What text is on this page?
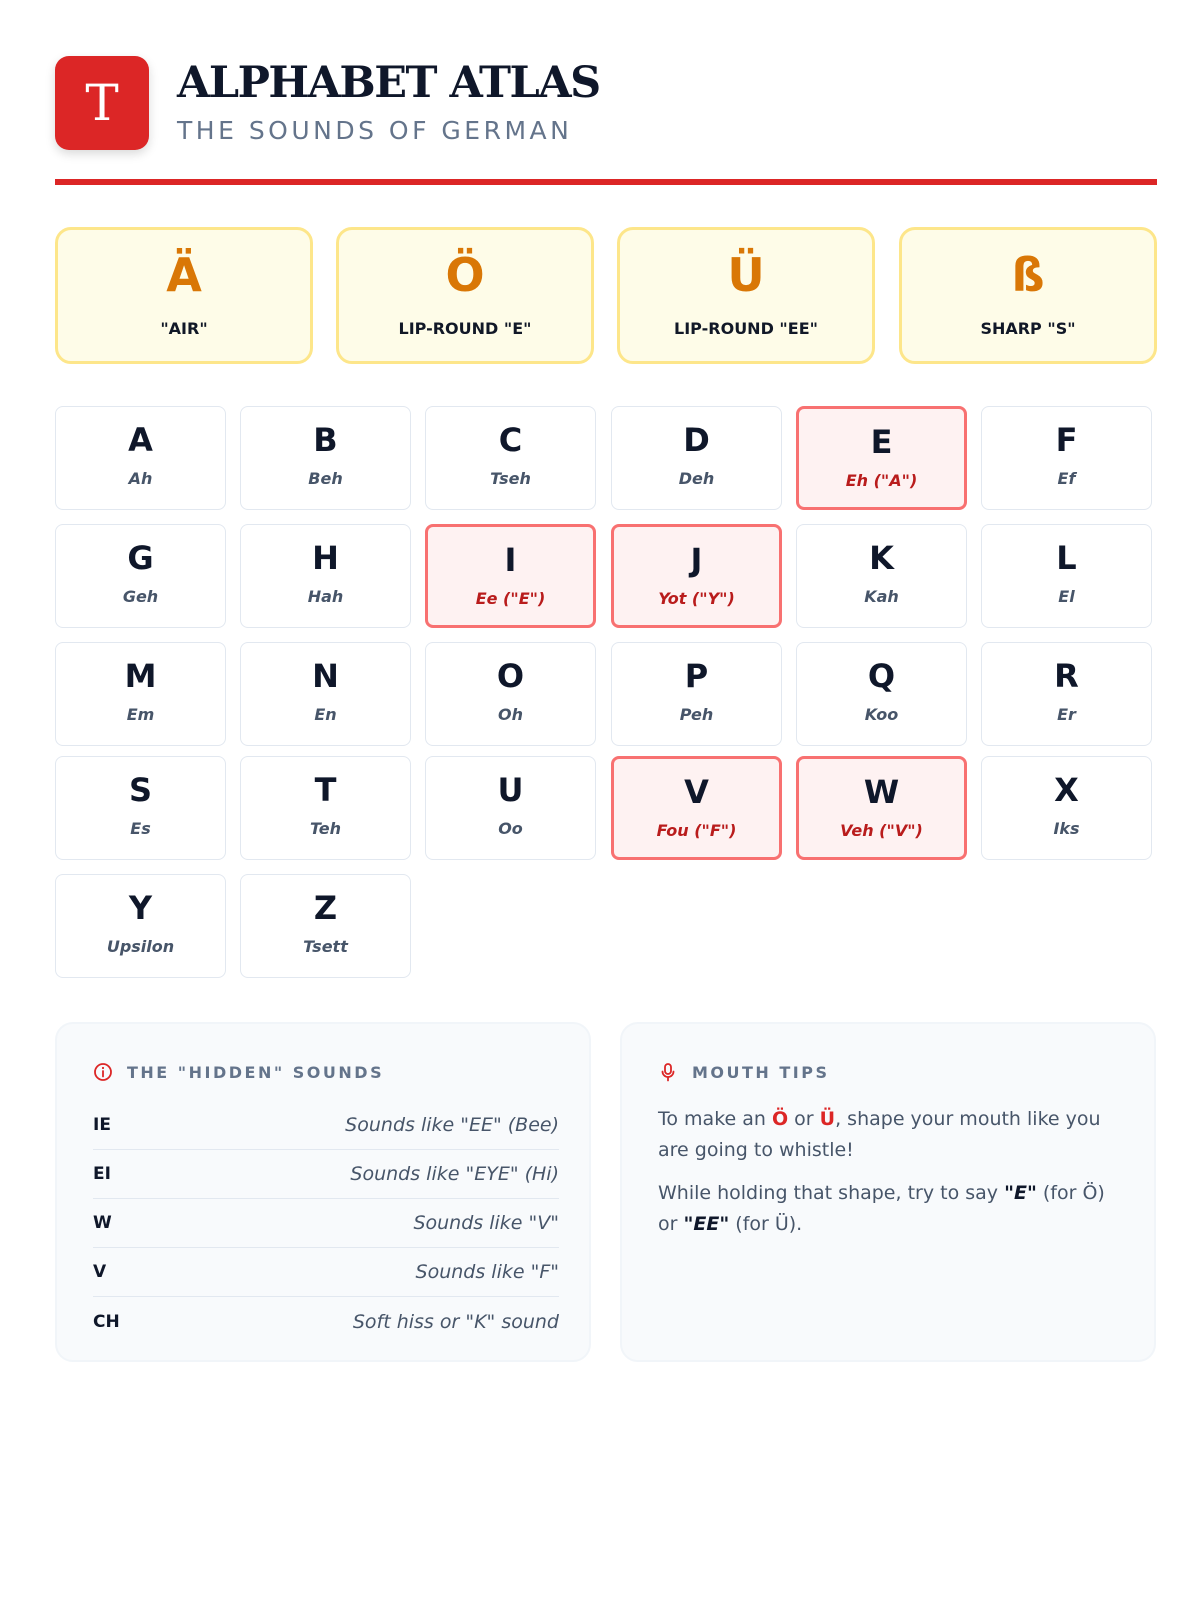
T ALPHABET ATLAS
THE SOUNDS OF GERMAN
Ä
"AIR"
Ö
LIP-ROUND "E"
Ü
LIP-ROUND "EE"
ß
SHARP "S"
A
Ah
B
Beh
C
Tseh
D
Deh
E
Eh ("A")
F
Ef
G
Geh
H
Hah
I
Ee ("E")
J
Yot ("Y")
K
Kah
L
El
M
Em
N
En
O
Oh
P
Peh
Q
Koo
R
Er
S
Es
T
Teh
U
Oo
V
Fou ("F")
W
Veh ("V")
X
Iks
Y
Upsilon
Z
Tsett
THE "HIDDEN" SOUNDS
IE	Sounds like "EE" (Bee)
EI	Sounds like "EYE" (Hi)
W	Sounds like "V"
V	Sounds like "F"
CH	Soft hiss or "K" sound
MOUTH TIPS

To make an Ö or Ü, shape your mouth like you are going to whistle!

While holding that shape, try to say "E" (for Ö) or "EE" (for Ü).
